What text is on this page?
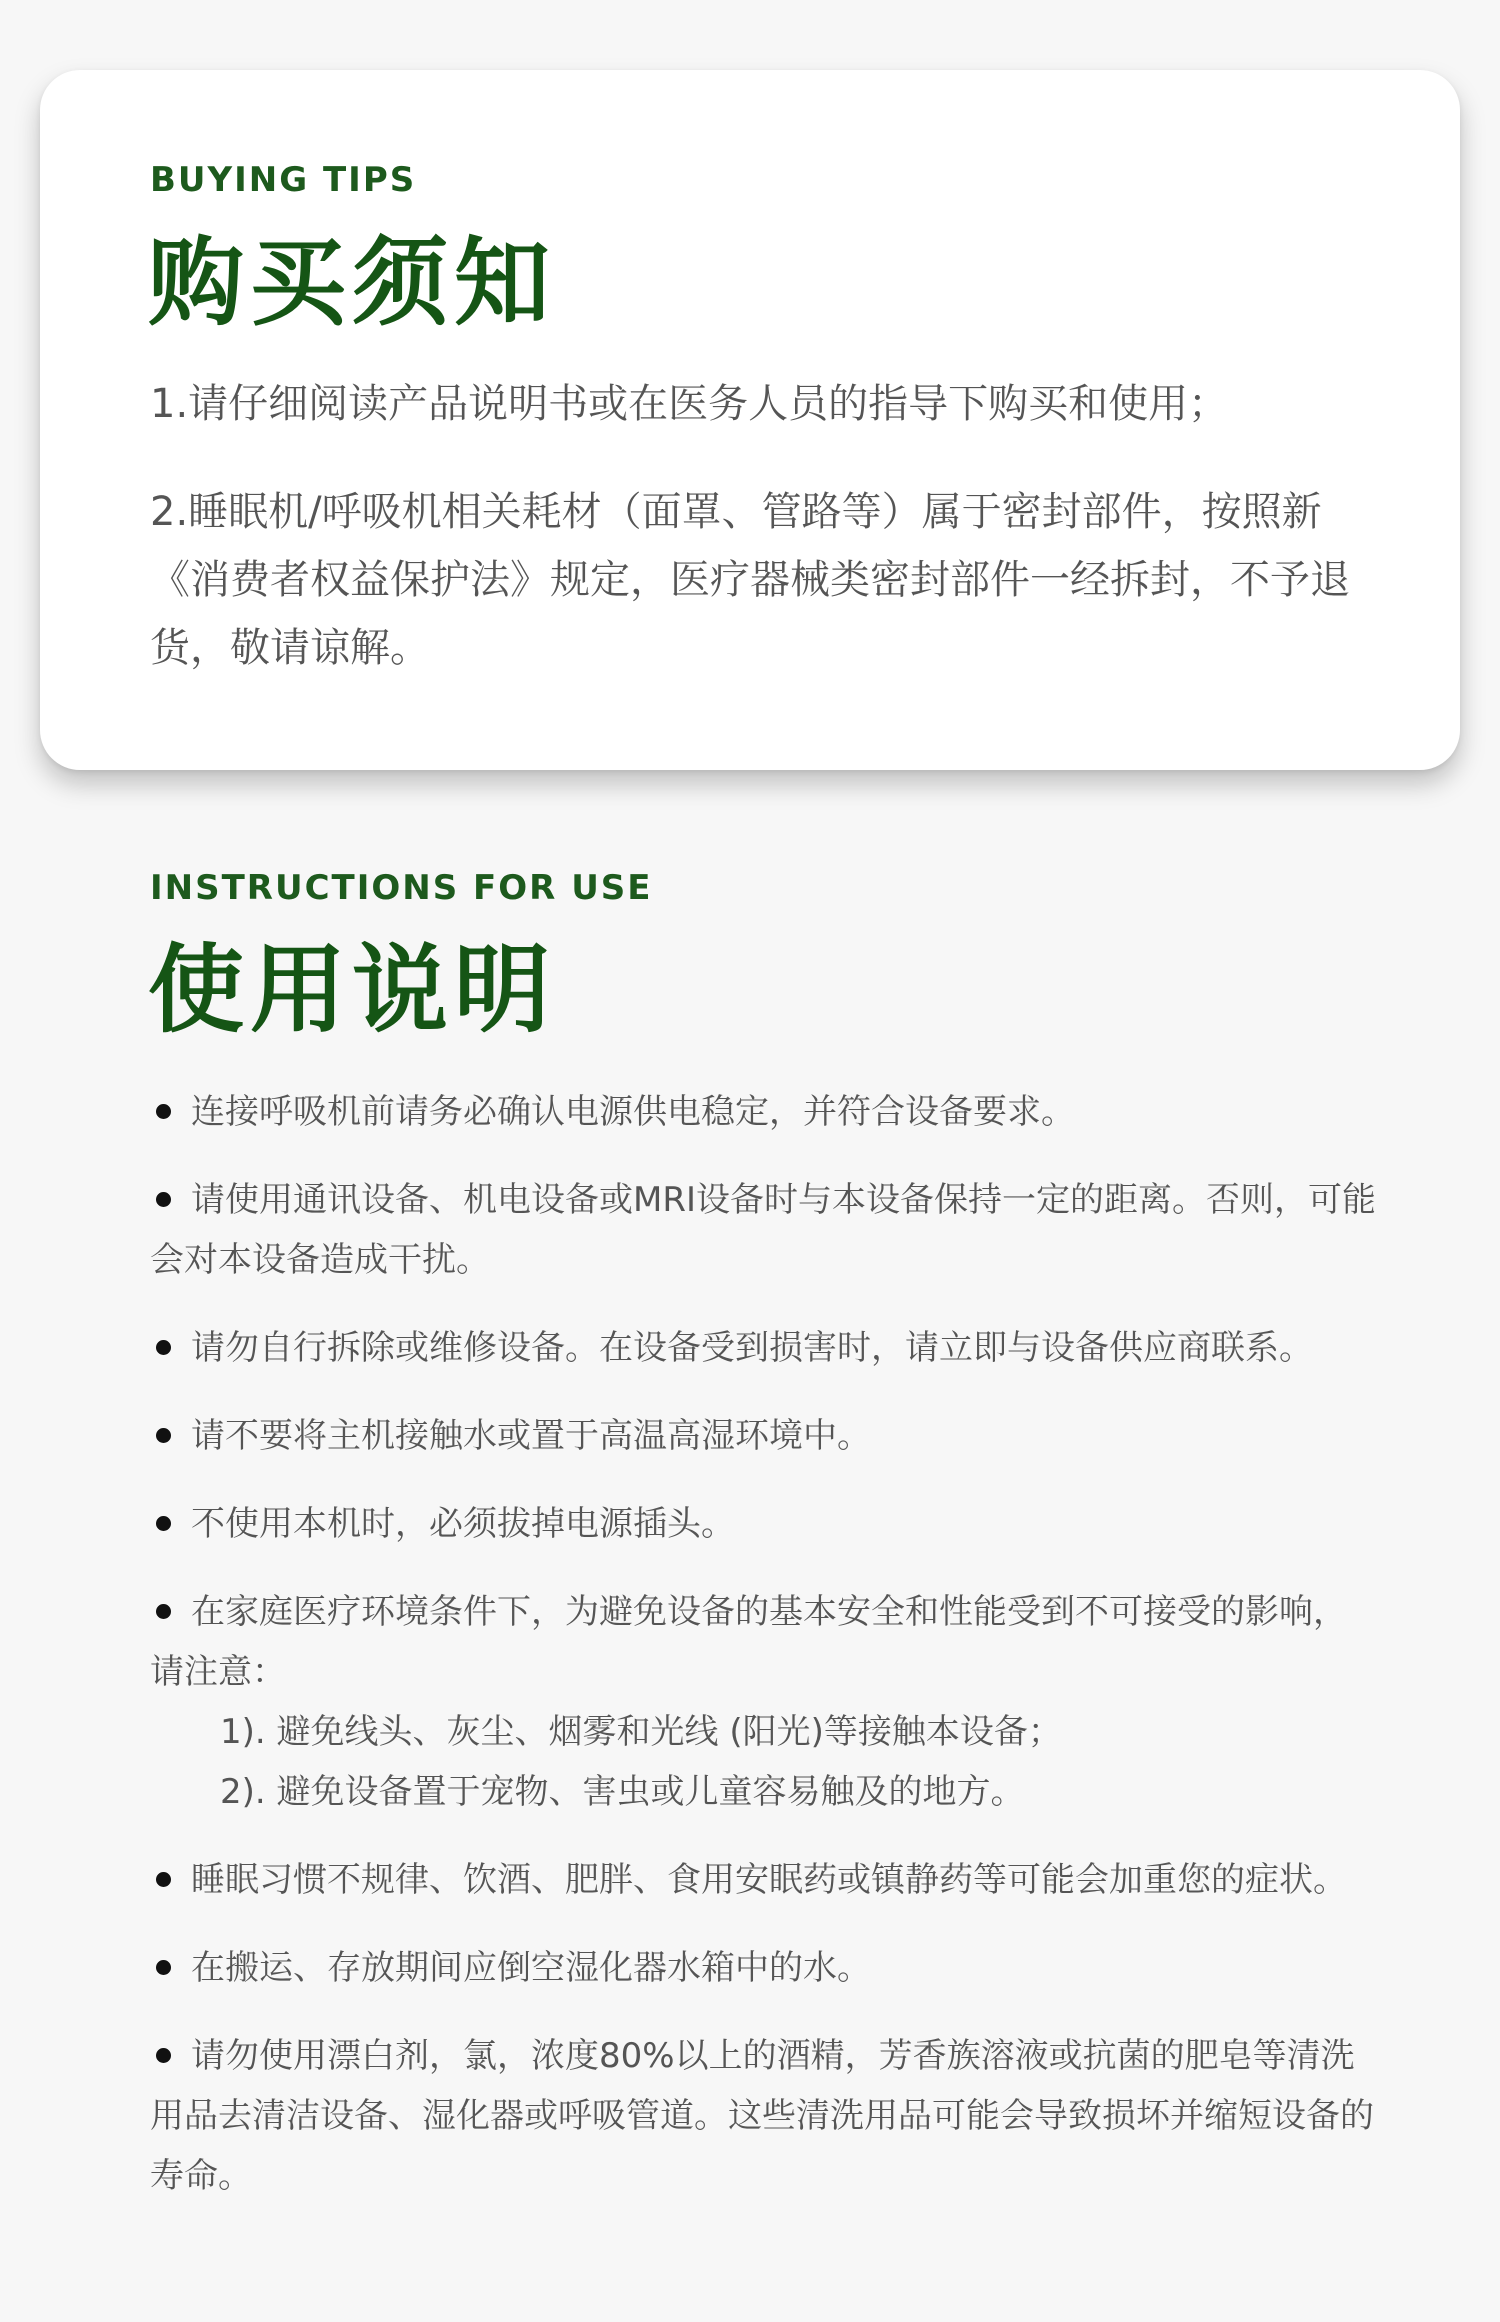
BUYING TIPS
购买须知
1.请仔细阅读产品说明书或在医务人员的指导下购买和使用；
2.睡眠机/呼吸机相关耗材（面罩、管路等）属于密封部件，按照新《消费者权益保护法》规定，医疗器械类密封部件一经拆封，不予退货，敬请谅解。
INSTRUCTIONS FOR USE
使用说明
连接呼吸机前请务必确认电源供电稳定，并符合设备要求。
请使用通讯设备、机电设备或MRI设备时与本设备保持一定的距离。否则，可能会对本设备造成干扰。
请勿自行拆除或维修设备。在设备受到损害时，请立即与设备供应商联系。
请不要将主机接触水或置于高温高湿环境中。
不使用本机时，必须拔掉电源插头。
在家庭医疗环境条件下，为避免设备的基本安全和性能受到不可接受的影响，请注意：
1). 避免线头、灰尘、烟雾和光线 (阳光)等接触本设备；
2). 避免设备置于宠物、害虫或儿童容易触及的地方。
睡眠习惯不规律、饮酒、肥胖、食用安眠药或镇静药等可能会加重您的症状。
在搬运、存放期间应倒空湿化器水箱中的水。
请勿使用漂白剂，氯，浓度80%以上的酒精，芳香族溶液或抗菌的肥皂等清洗用品去清洁设备、湿化器或呼吸管道。这些清洗用品可能会导致损坏并缩短设备的寿命。
